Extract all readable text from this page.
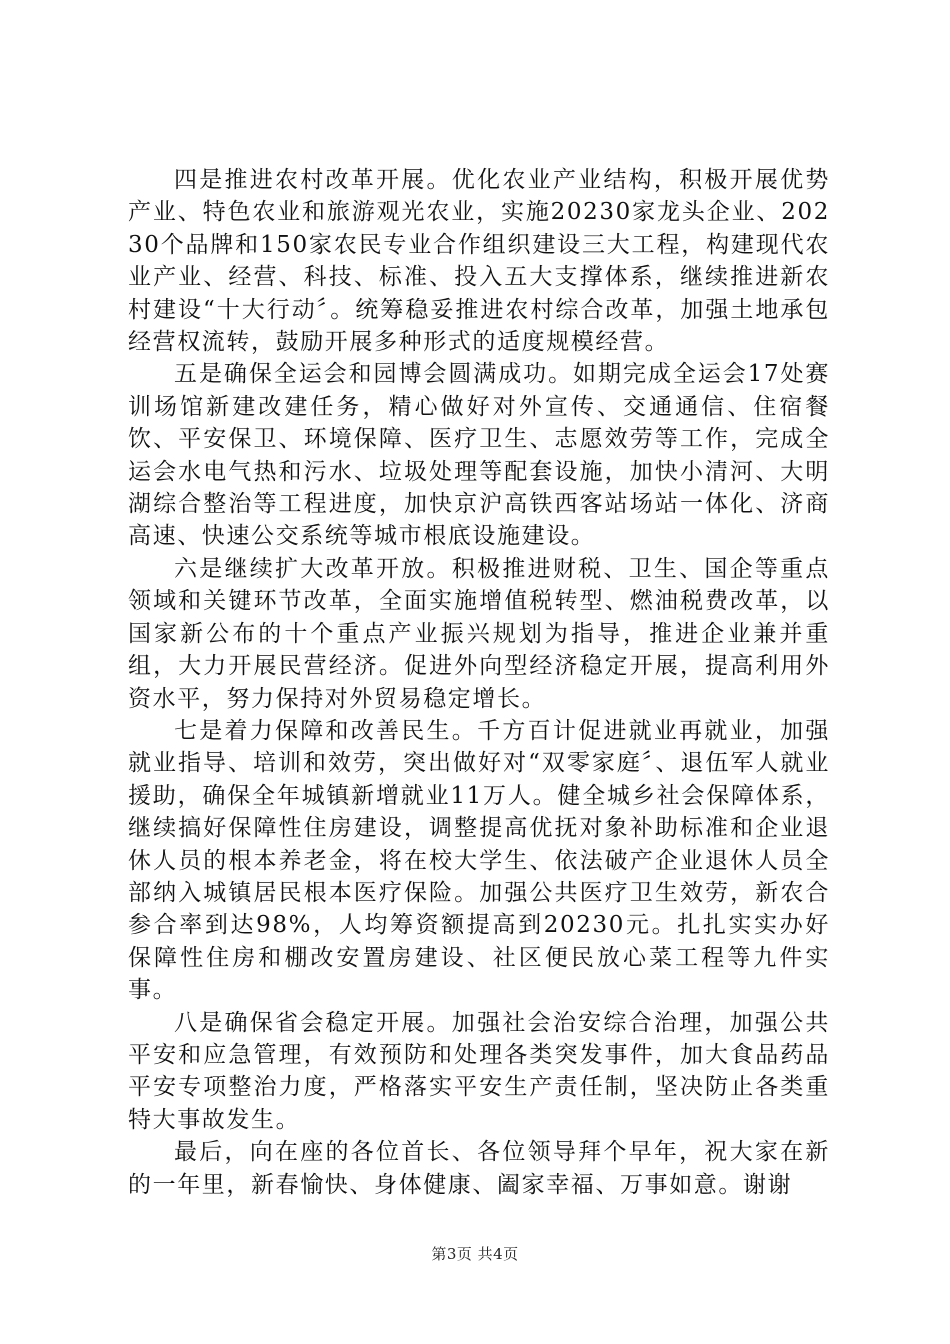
四是推进农村改革开展。优化农业产业结构，积极开展优势产业、特色农业和旅游观光农业，实施20230家龙头企业、20230个品牌和150家农民专业合作组织建设三大工程，构建现代农业产业、经营、科技、标准、投入五大支撑体系，继续推进新农村建设“十大行动〞。统筹稳妥推进农村综合改革，加强土地承包经营权流转，鼓励开展多种形式的适度规模经营。

五是确保全运会和园博会圆满成功。如期完成全运会17处赛训场馆新建改建任务，精心做好对外宣传、交通通信、住宿餐饮、平安保卫、环境保障、医疗卫生、志愿效劳等工作，完成全运会水电气热和污水、垃圾处理等配套设施，加快小清河、大明湖综合整治等工程进度，加快京沪高铁西客站场站一体化、济商高速、快速公交系统等城市根底设施建设。

六是继续扩大改革开放。积极推进财税、卫生、国企等重点领域和关键环节改革，全面实施增值税转型、燃油税费改革，以国家新公布的十个重点产业振兴规划为指导，推进企业兼并重组，大力开展民营经济。促进外向型经济稳定开展，提高利用外资水平，努力保持对外贸易稳定增长。

七是着力保障和改善民生。千方百计促进就业再就业，加强就业指导、培训和效劳，突出做好对“双零家庭〞、退伍军人就业援助，确保全年城镇新增就业11万人。健全城乡社会保障体系，继续搞好保障性住房建设，调整提高优抚对象补助标准和企业退休人员的根本养老金，将在校大学生、依法破产企业退休人员全部纳入城镇居民根本医疗保险。加强公共医疗卫生效劳，新农合参合率到达98%，人均筹资额提高到20230元。扎扎实实办好保障性住房和棚改安置房建设、社区便民放心菜工程等九件实事。

八是确保省会稳定开展。加强社会治安综合治理，加强公共平安和应急管理，有效预防和处理各类突发事件，加大食品药品平安专项整治力度，严格落实平安生产责任制，坚决防止各类重特大事故发生。

最后，向在座的各位首长、各位领导拜个早年，祝大家在新的一年里，新春愉快、身体健康、阖家幸福、万事如意。谢谢

第3页 共4页
